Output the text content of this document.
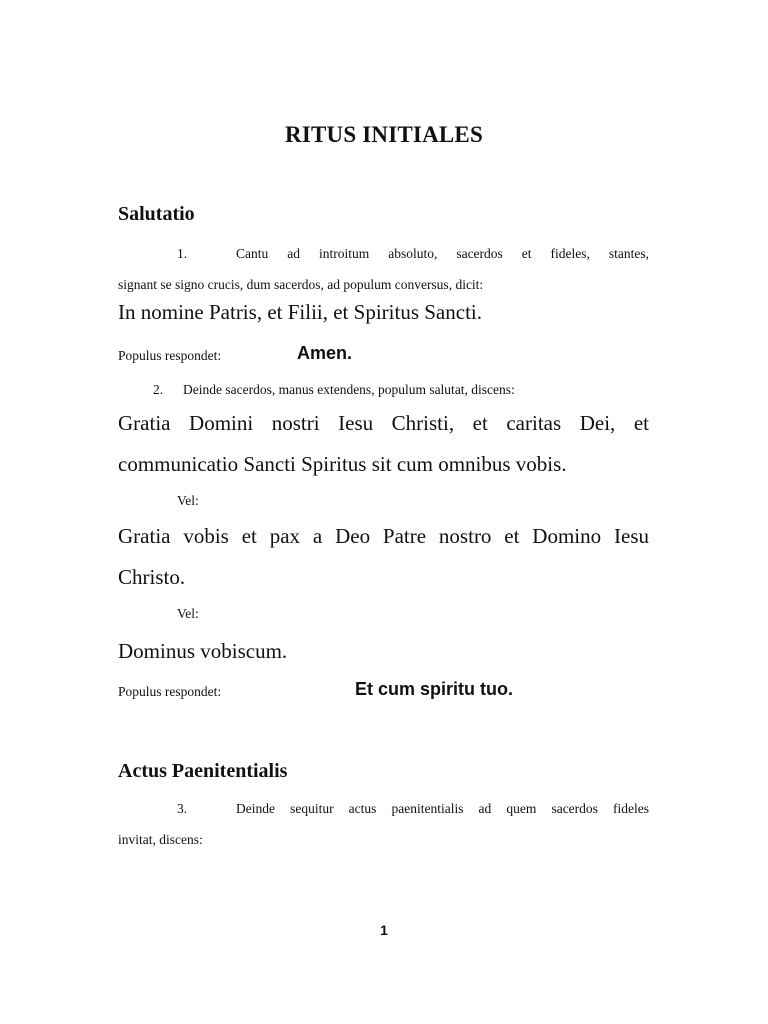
RITUS INITIALES
Salutatio
1.	Cantu ad introitum absoluto, sacerdos et fideles, stantes,
signant se signo crucis, dum sacerdos, ad populum conversus, dicit:
In nomine Patris, et Filii, et Spiritus Sancti.
Populus respondet:	Amen.
2. Deinde sacerdos, manus extendens, populum salutat, discens:
Gratia Domini nostri Iesu Christi, et caritas Dei, et
communicatio Sancti Spiritus sit cum omnibus vobis.
Vel:
Gratia vobis et pax a Deo Patre nostro et Domino Iesu
Christo.
Vel:
Dominus vobiscum.
Populus respondet:	Et cum spiritu tuo.
Actus Paenitentialis
3.	Deinde sequitur actus paenitentialis ad quem sacerdos fideles
invitat, discens:
1
